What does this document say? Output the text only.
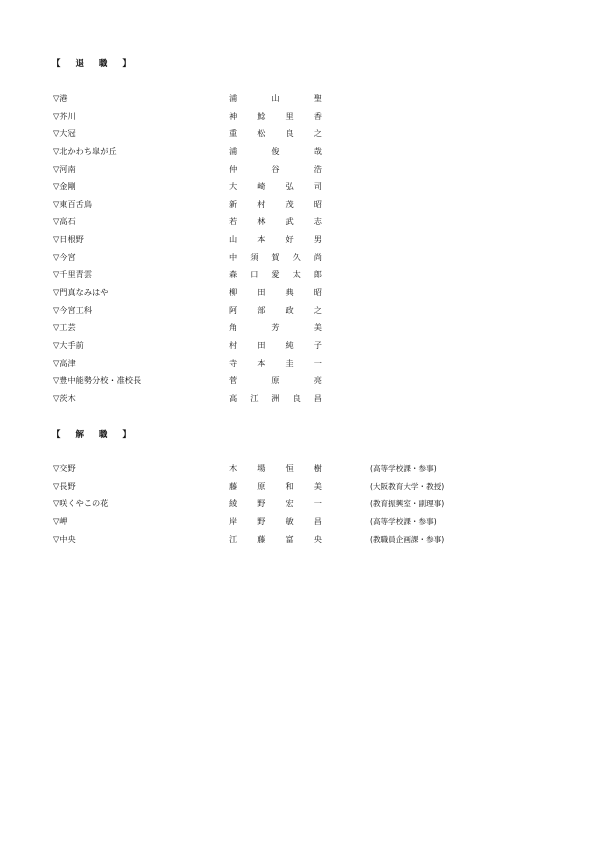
【 退 職 】
▽港	浦 山 聖
▽芥川	神 鯰 里 香
▽大冠	重 松 良 之
▽北かわち皐が丘	浦 俊 哉
▽河南	仲 谷 浩
▽金剛	大 崎 弘 司
▽東百舌鳥	新 村 茂 昭
▽高石	若 林 武 志
▽日根野	山 本 好 男
▽今宮	中 須 賀 久 尚
▽千里青雲	森 口 愛 太 郎
▽門真なみはや	柳 田 典 昭
▽今宮工科	阿 部 政 之
▽工芸	角 芳 美
▽大手前	村 田 純 子
▽高津	寺 本 圭 一
▽豊中能勢分校・准校長	菅 原 亮
▽茨木	高 江 洲 良 昌
【 解 職 】
▽交野	木 場 恒 樹	(高等学校課・参事)
▽長野	藤 原 和 美	(大阪教育大学・教授)
▽咲くやこの花	綾 野 宏 一	(教育振興室・副理事)
▽岬	岸 野 敏 昌	(高等学校課・参事)
▽中央	江 藤 富 央	(教職員企画課・参事)
